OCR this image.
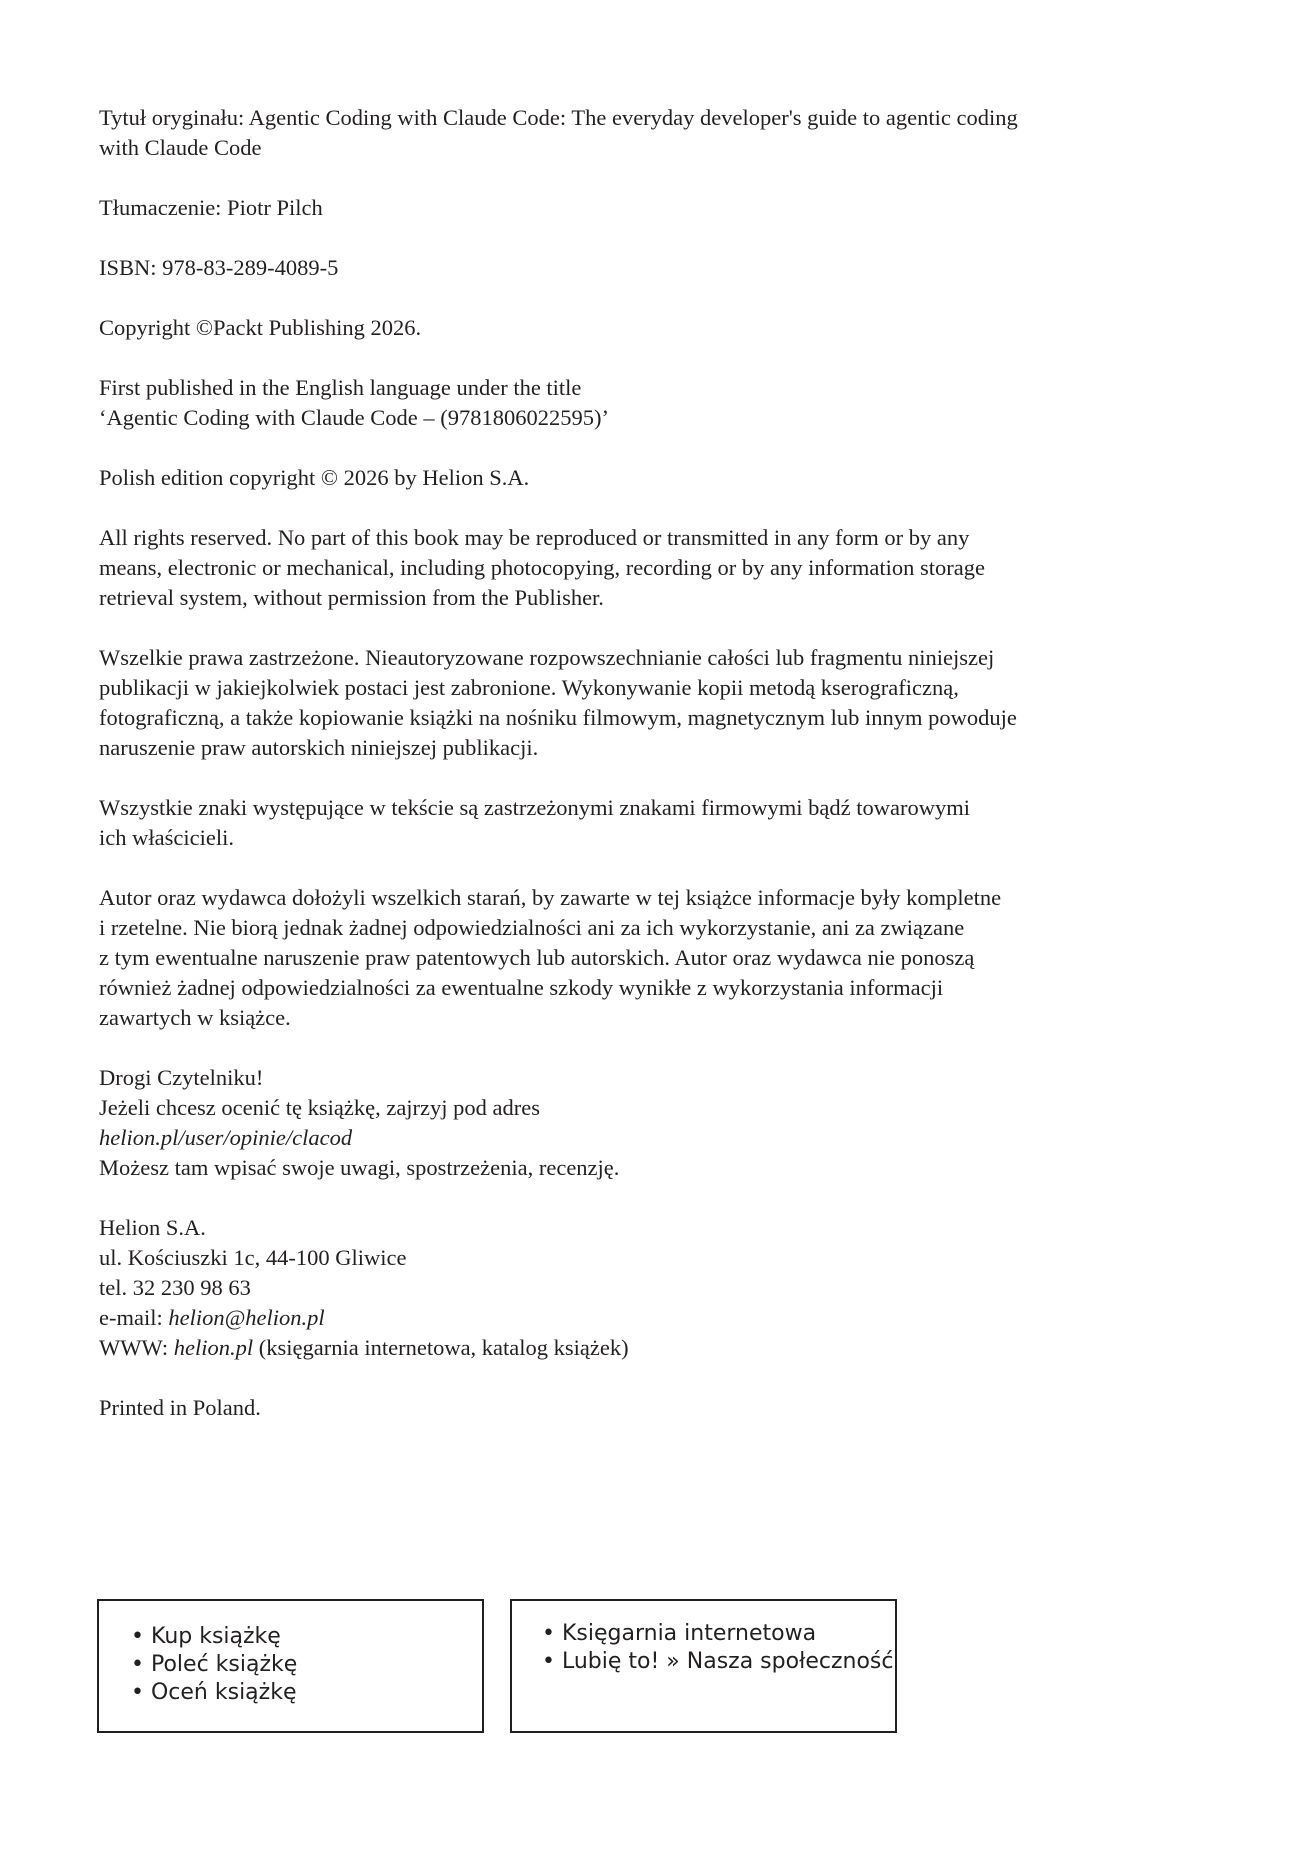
Tytuł oryginału: Agentic Coding with Claude Code: The everyday developer's guide to agentic coding
with Claude Code

Tłumaczenie: Piotr Pilch

ISBN: 978-83-289-4089-5

Copyright ©Packt Publishing 2026.

First published in the English language under the title
‘Agentic Coding with Claude Code – (9781806022595)’

Polish edition copyright © 2026 by Helion S.A.

All rights reserved. No part of this book may be reproduced or transmitted in any form or by any
means, electronic or mechanical, including photocopying, recording or by any information storage
retrieval system, without permission from the Publisher.

Wszelkie prawa zastrzeżone. Nieautoryzowane rozpowszechnianie całości lub fragmentu niniejszej
publikacji w jakiejkolwiek postaci jest zabronione. Wykonywanie kopii metodą kserograficzną,
fotograficzną, a także kopiowanie książki na nośniku filmowym, magnetycznym lub innym powoduje
naruszenie praw autorskich niniejszej publikacji.

Wszystkie znaki występujące w tekście są zastrzeżonymi znakami firmowymi bądź towarowymi
ich właścicieli.

Autor oraz wydawca dołożyli wszelkich starań, by zawarte w tej książce informacje były kompletne
i rzetelne. Nie biorą jednak żadnej odpowiedzialności ani za ich wykorzystanie, ani za związane
z tym ewentualne naruszenie praw patentowych lub autorskich. Autor oraz wydawca nie ponoszą
również żadnej odpowiedzialności za ewentualne szkody wynikłe z wykorzystania informacji
zawartych w książce.

Drogi Czytelniku!
Jeżeli chcesz ocenić tę książkę, zajrzyj pod adres
helion.pl/user/opinie/clacod
Możesz tam wpisać swoje uwagi, spostrzeżenia, recenzję.

Helion S.A.
ul. Kościuszki 1c, 44-100 Gliwice
tel. 32 230 98 63
e-mail: helion@helion.pl
WWW: helion.pl (księgarnia internetowa, katalog książek)

Printed in Poland.

• Kup książkę
• Poleć książkę
• Oceń książkę
• Księgarnia internetowa
• Lubię to! » Nasza społeczność
